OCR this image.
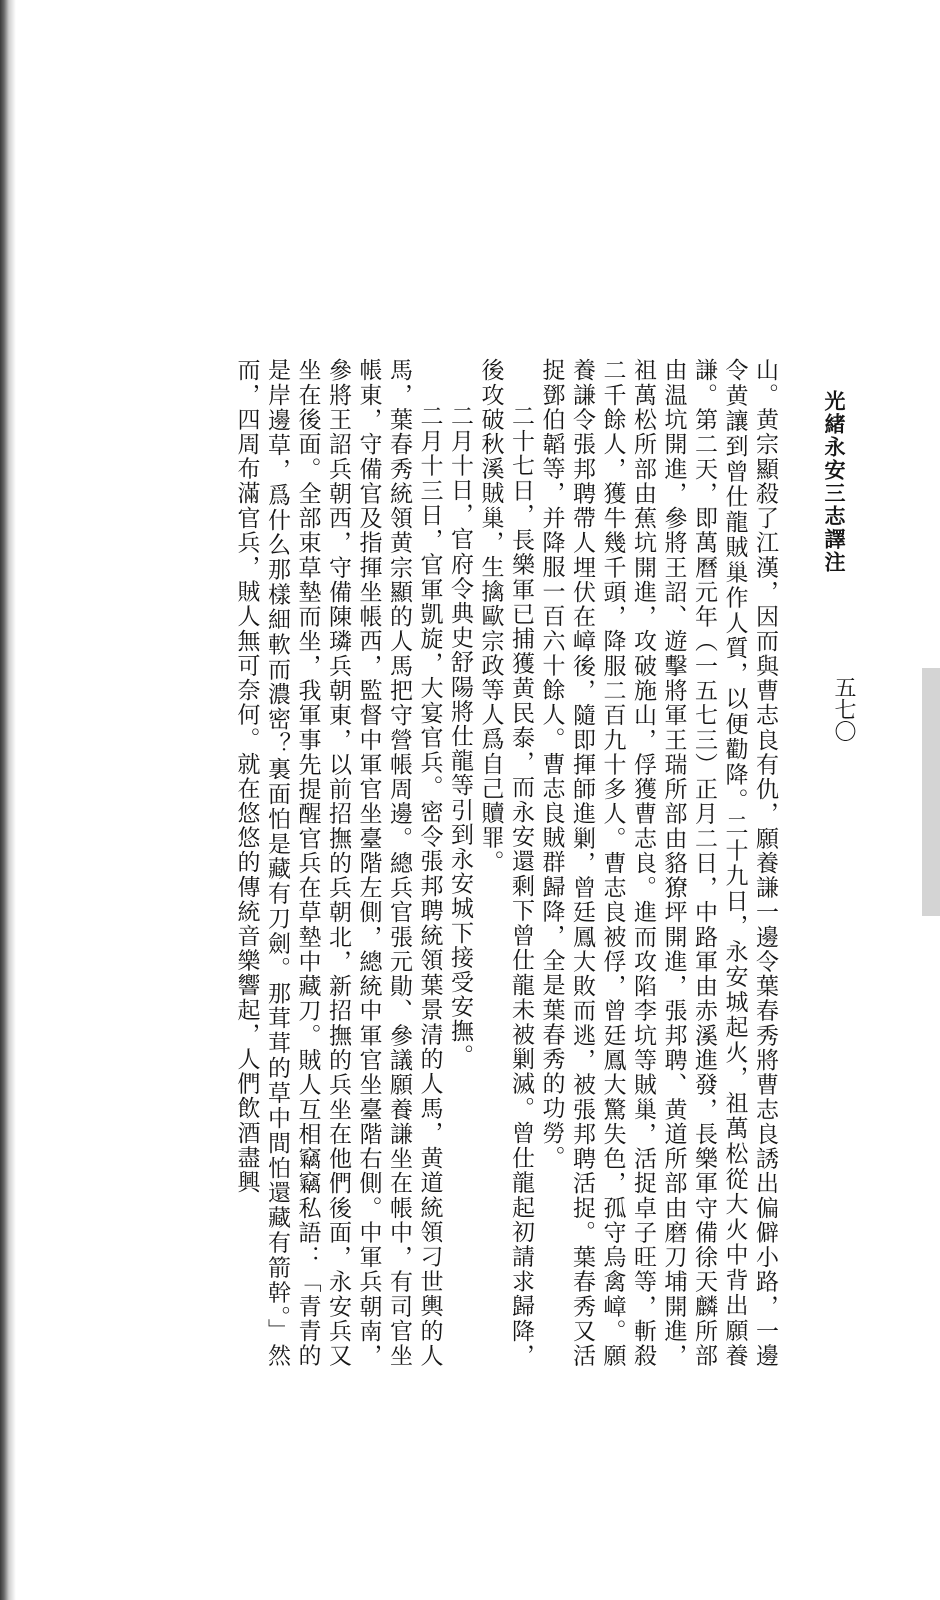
光緒永安三志譯注
五七〇

山。黄宗顯殺了江漢，因而與曹志良有仇，願養謙一邊令葉春秀將曹志良誘出偏僻小路，一邊令黄讓到曾仕龍賊巢作人質，以便勸降。二十九日，永安城起火，祖萬松從大火中背出願養謙。第二天，即萬曆元年（一五七三）正月二日，中路軍由赤溪進發，長樂軍守備徐天麟所部由温坑開進，參將王詔、遊擊將軍王瑞所部由貉獠坪開進，張邦聘、黄道所部由磨刀埔開進，祖萬松所部由蕉坑開進，攻破施山，俘獲曹志良。進而攻陷李坑等賊巢，活捉卓子旺等，斬殺二千餘人，獲牛幾千頭，降服二百九十多人。曹志良被俘，曾廷鳳大驚失色，孤守烏禽嶂。願養謙令張邦聘帶人埋伏在嶂後，隨即揮師進剿，曾廷鳳大敗而逃，被張邦聘活捉。葉春秀又活捉鄧伯韜等，并降服一百六十餘人。曹志良賊群歸降，全是葉春秀的功勞。

二十七日，長樂軍已捕獲黄民泰，而永安還剩下曾仕龍未被剿滅。曾仕龍起初請求歸降，後攻破秋溪賊巢，生擒歐宗政等人爲自己贖罪。

二月十日，官府令典史舒陽將仕龍等引到永安城下接受安撫。

二月十三日，官軍凱旋，大宴官兵。密令張邦聘統領葉景清的人馬，黄道統領刁世輿的人馬，葉春秀統領黄宗顯的人馬把守營帳周邊。總兵官張元勛、參議願養謙坐在帳中，有司官坐帳東，守備官及指揮坐帳西，監督中軍官坐臺階左側，總統中軍官坐臺階右側。中軍兵朝南，參將王詔兵朝西，守備陳璘兵朝東，以前招撫的兵朝北，新招撫的兵坐在他們後面，永安兵又坐在後面。全部束草墊而坐，我軍事先提醒官兵在草墊中藏刀。賊人互相竊竊私語：「青青的是岸邊草，爲什么那樣細軟而濃密？裏面怕是藏有刀劍。那茸茸的草中間怕還藏有箭幹。」然而，四周布滿官兵，賊人無可奈何。就在悠悠的傳統音樂響起，人們飲酒盡興
